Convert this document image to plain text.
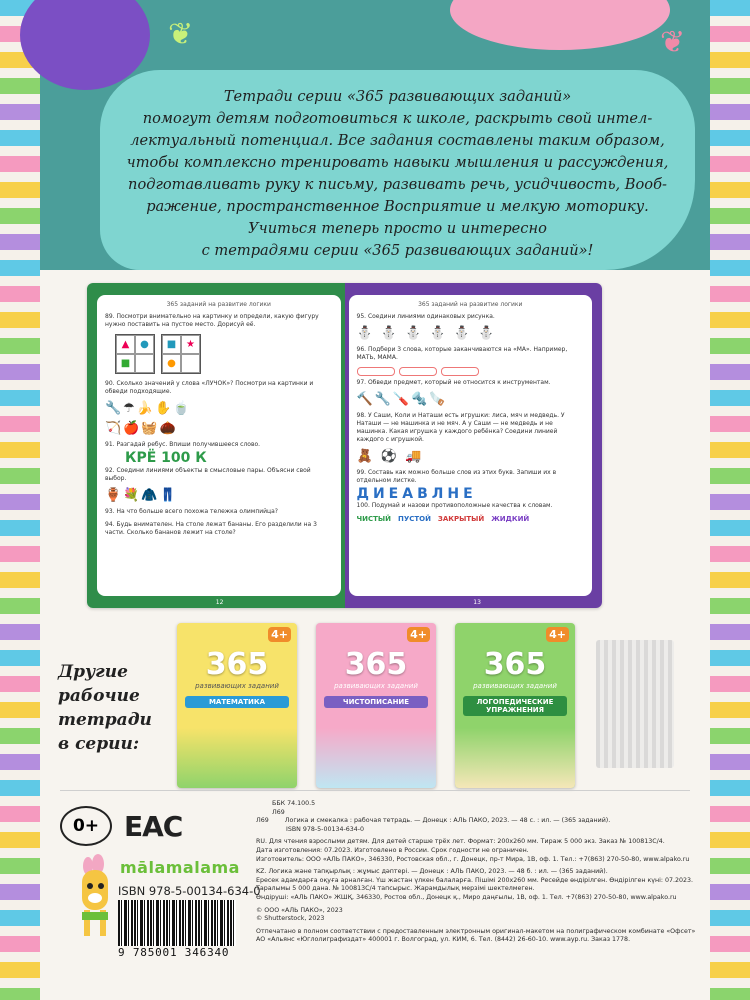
❦	❦

Тетради серии «365 развивающих заданий»

помогут детям подготовиться к школе, раскрыть свой интел-

лектуальный потенциал. Все задания составлены таким образом,

чтобы комплексно тренировать навыки мышления и рассуждения,

подготавливать руку к письму, развивать речь, усидчивость, Вооб-

ражение, пространственное Восприятие и мелкую моторику.

Учиться теперь просто и интересно

с тетрадями серии «365 развивающих заданий»!

365 заданий на развитие логики
89. Посмотри внимательно на картинку и определи, какую фигуру нужно поставить на пустое место. Дорисуй её.
▲	●
■
■ ★
●
90. Сколько значений у слова «ЛУЧОК»? Посмотри на картинки и обведи подходящие.
🔧☂🍌✋🍵
🏹🍎🧺🌰
91. Разгадай ребус. Впиши получившееся слово.
КРЁ 100 К
92. Соедини линиями объекты в смысловые пары. Объясни свой выбор.
🏺💐🧥👖
93. На что больше всего похожа тележка олимпийца?
94. Будь внимателен. На столе лежат бананы. Его разделили на 3 части. Сколько бананов лежит на столе?
12
365 заданий на развитие логики
95. Соедини линиями одинаковых рисунка.
⛄ ⛄ ⛄ ⛄ ⛄ ⛄
96. Подбери 3 слова, которые заканчиваются на «МА». Например, МАТЬ, МАМА.
97. Обведи предмет, который не относится к инструментам.
🔨🔧🪛🔩🪚
98. У Саши, Коли и Наташи есть игрушки: лиса, мяч и медведь. У Наташи — не машинка и не мяч. А у Саши — не медведь и не машинка. Какая игрушка у каждого ребёнка? Соедини линией каждого с игрушкой.
🧸 ⚽ 🚚
99. Составь как можно больше слов из этих букв. Запиши их в отдельном листке.
ДИЕАВЛНЕ
100. Подумай и назови противоположные качества к словам.
ЧИСТЫЙ ПУСТОЙ ЗАКРЫТЫЙ ЖИДКИЙ
13
Другие
рабочие
тетради
в серии:
4+
365
развивающих заданий
МАТЕМАТИКА
4+
365
развивающих заданий
ЧИСТОПИСАНИЕ
4+
365
развивающих заданий
ЛОГОПЕДИЧЕСКИЕ УПРАЖНЕНИЯ
0+ ЕАС
mālamalama
ISBN 978-5-00134-634-0
9 785001 346340

ББК 74.100.5

Л69

Л69	Логика и смекалка : рабочая тетрадь. — Донецк : АЛЬ ПАКО, 2023. — 48 с. : ил. — (365 заданий).

ISBN 978-5-00134-634-0

RU. Для чтения взрослыми детям. Для детей старше трёх лет. Формат: 200x260 мм. Тираж 5 000 экз. Заказ № 100813С/4.

Дата изготовления: 07.2023. Изготовлено в России. Срок годности не ограничен.

Изготовитель: ООО «АЛЬ ПАКО», 346330, Ростовская обл., г. Донецк, пр-т Мира, 1В, оф. 1. Тел.: +7(863) 270-50-80, www.alpako.ru

KZ. Логика және тапқырлық : жұмыс дәптері. — Донецк : АЛЬ ПАКО, 2023. — 48 б. : ил. — (365 заданий).

Ересек адамдарға оқуға арналған. Үш жастан үлкен балаларға. Пішімі 200x260 мм. Ресейде өндірілген. Өндірілген күні: 07.2023.

Таралымы 5 000 дана. № 100813С/4 тапсырыс. Жарамдылық мерзімі шектелмеген.

Өндіруші: «АЛЬ ПАКО» ЖШҚ, 346330, Ростов обл., Донецк қ., Миро даңғылы, 1В, оф. 1. Тел. +7(863) 270-50-80, www.alpako.ru

© ООО «АЛЬ ПАКО», 2023

© Shutterstock, 2023

Отпечатано в полном соответствии с предоставленным электронным оригинал-макетом на полиграфическом комбинате «Офсет»

АО «Альянс «Юглолиграфиздат» 400001 г. Волгоград, ул. КИМ, 6. Тел. (8442) 26-60-10. www.ayp.ru. Заказ 1778.
